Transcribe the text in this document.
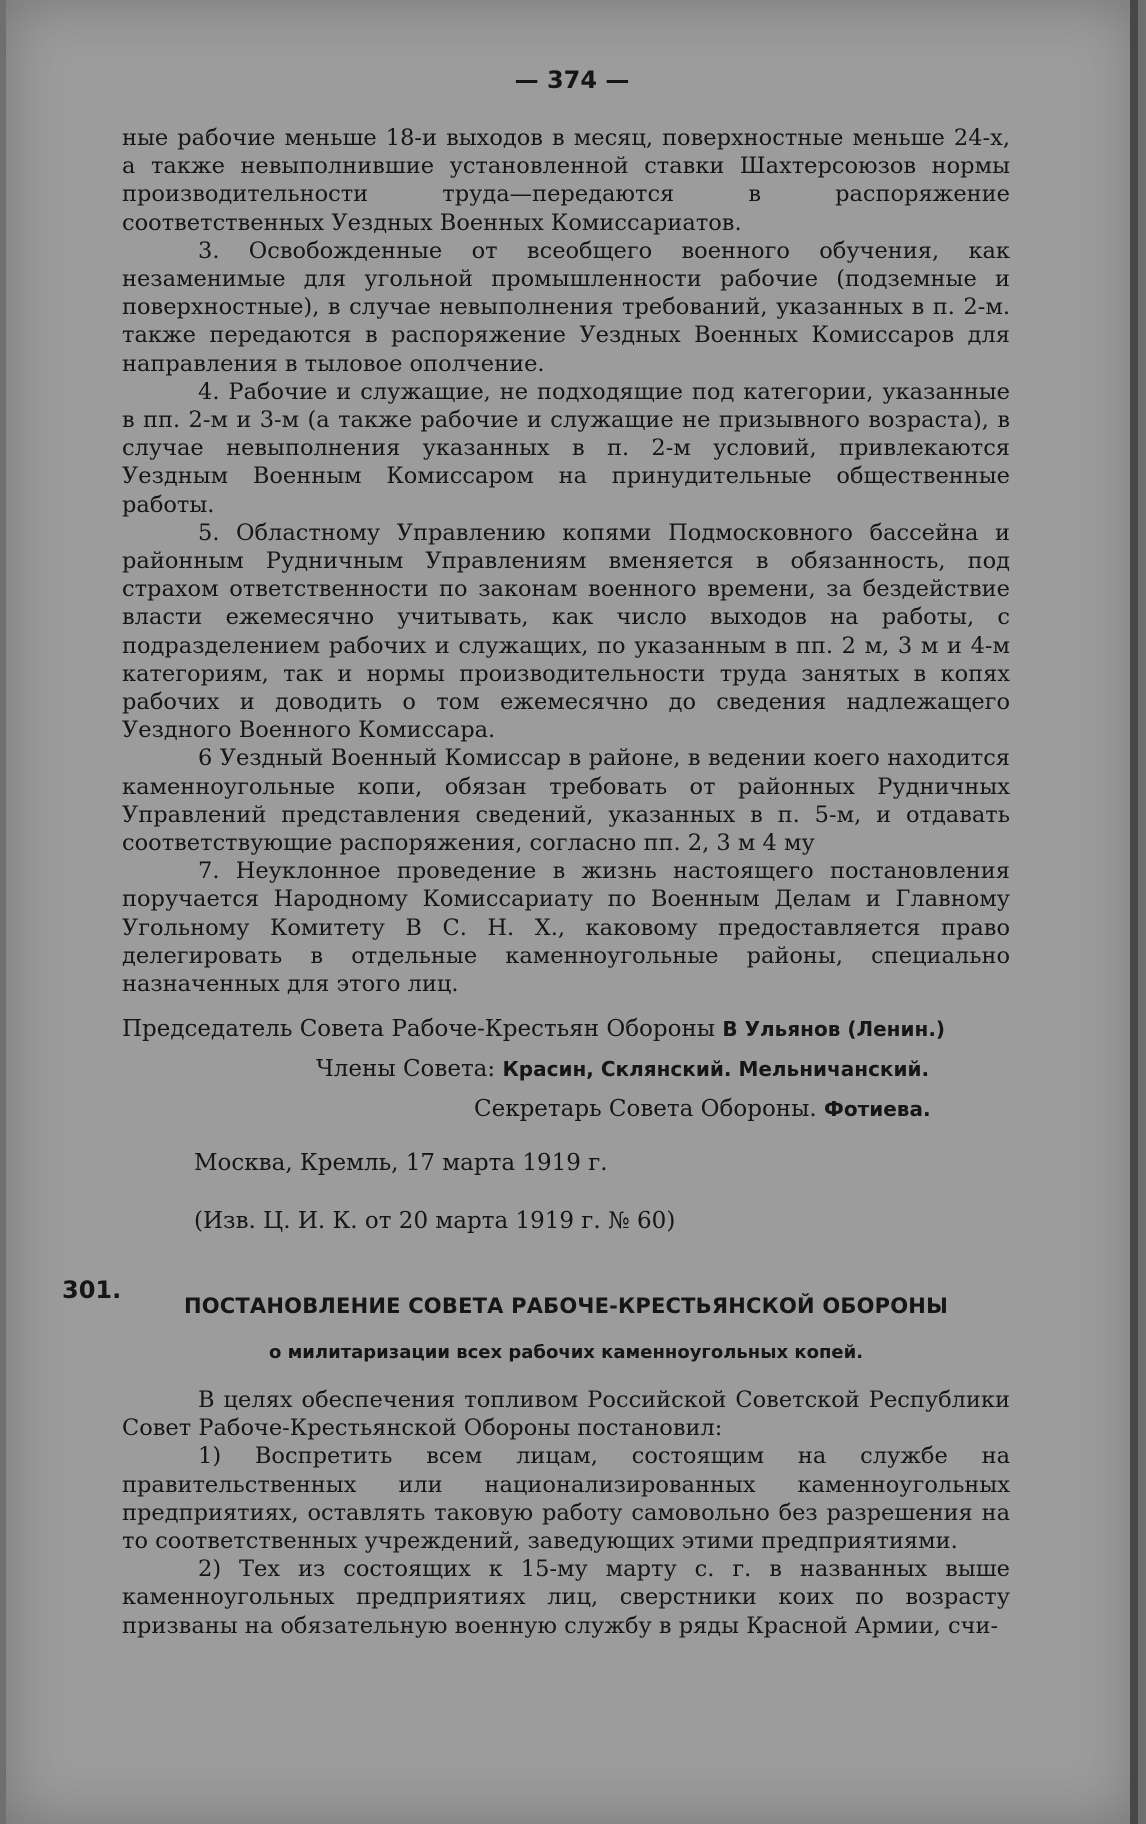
— 374 —

ные рабочие меньше 18-и выходов в месяц, поверхностные меньше 24-х, а также невыполнившие установленной ставки Шахтерсоюзов нормы производительности труда—передаются в распоряжение соответственных Уездных Военных Комиссариатов.

3. Освобожденные от всеобщего военного обучения, как незаменимые для угольной промышленности рабочие (подземные и поверхностные), в случае невыполнения требований, указанных в п. 2-м. также передаются в распоряжение Уездных Военных Комиссаров для направления в тыловое ополчение.

4. Рабочие и служащие, не подходящие под категории, указанные в пп. 2-м и 3-м (а также рабочие и служащие не призывного возраста), в случае невыполнения указанных в п. 2-м условий, привлекаются Уездным Военным Комиссаром на принудительные общественные работы.

5. Областному Управлению копями Подмосковного бассейна и районным Рудничным Управлениям вменяется в обязанность, под страхом ответственности по законам военного времени, за бездействие власти ежемесячно учитывать, как число выходов на работы, с подразделением рабочих и служащих, по указанным в пп. 2 м, 3 м и 4-м категориям, так и нормы производительности труда занятых в копях рабочих и доводить о том ежемесячно до сведения надлежащего Уездного Военного Комиссара.

6 Уездный Военный Комиссар в районе, в ведении коего находится каменноугольные копи, обязан требовать от районных Рудничных Управлений представления сведений, указанных в п. 5-м, и отдавать соответствующие распоряжения, согласно пп. 2, 3 м 4 му

7. Неуклонное проведение в жизнь настоящего постановления поручается Народному Комиссариату по Военным Делам и Главному Угольному Комитету В С. Н. Х., каковому предоставляется право делегировать в отдельные каменноугольные районы, специально назначенных для этого лиц.

Председатель Совета Рабоче-Крестьян Обороны В Ульянов (Ленин.)
Члены Совета: Красин, Склянский. Мельничанский.
Секретарь Совета Обороны. Фотиева.
Москва, Кремль, 17 марта 1919 г.
(Изв. Ц. И. К. от 20 марта 1919 г. № 60)
301.
ПОСТАНОВЛЕНИЕ СОВЕТА РАБОЧЕ-КРЕСТЬЯНСКОЙ ОБОРОНЫ
о милитаризации всех рабочих каменноугольных копей.

В целях обеспечения топливом Российской Советской Республики Совет Рабоче-Крестьянской Обороны постановил:

1) Воспретить всем лицам, состоящим на службе на правительственных или национализированных каменноугольных предприятиях, оставлять таковую работу самовольно без разрешения на то соответственных учреждений, заведующих этими предприятиями.

2) Тех из состоящих к 15-му марту с. г. в названных выше каменноугольных предприятиях лиц, сверстники коих по возрасту призваны на обязательную военную службу в ряды Красной Армии, счи-
